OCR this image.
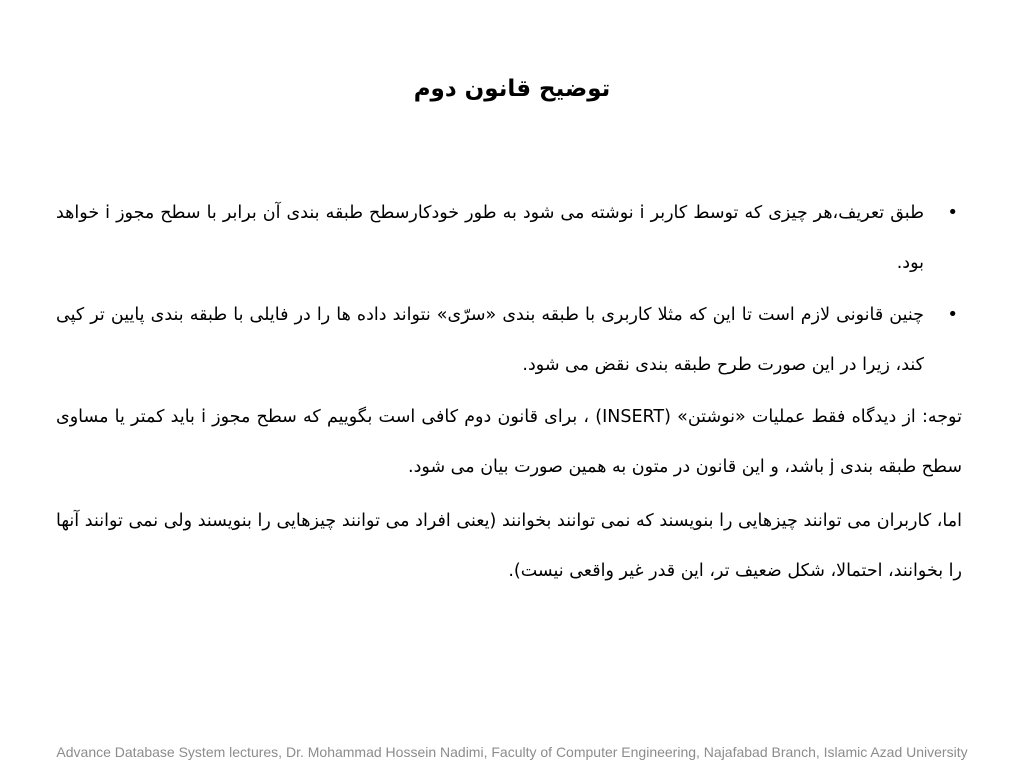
توضیح قانون دوم
•
طبق تعریف،هر چیزی که توسط کاربر i نوشته می شود به طور خودکارسطح طبقه بندی آن برابر با سطح مجوز i خواهد بود.
•
چنین قانونی لازم است تا این که مثلا کاربری با طبقه بندی «سرّی» نتواند داده ها را در فایلی با طبقه بندی پایین تر کپی کند، زیرا در این صورت طرح طبقه بندی نقض می شود.

توجه: از دیدگاه فقط عملیات «نوشتن» (INSERT) ، برای قانون دوم کافی است بگوییم که سطح مجوز i باید کمتر یا مساوی سطح طبقه بندی j باشد، و این قانون در متون به همین صورت بیان می شود.

اما، کاربران می توانند چیزهایی را بنویسند که نمی توانند بخوانند (یعنی افراد می توانند چیزهایی را بنویسند ولی نمی توانند آنها را بخوانند، احتمالا، شکل ضعیف تر، این قدر غیر واقعی نیست).

Advance Database System lectures, Dr. Mohammad Hossein Nadimi, Faculty of Computer Engineering, Najafabad Branch, Islamic Azad University
